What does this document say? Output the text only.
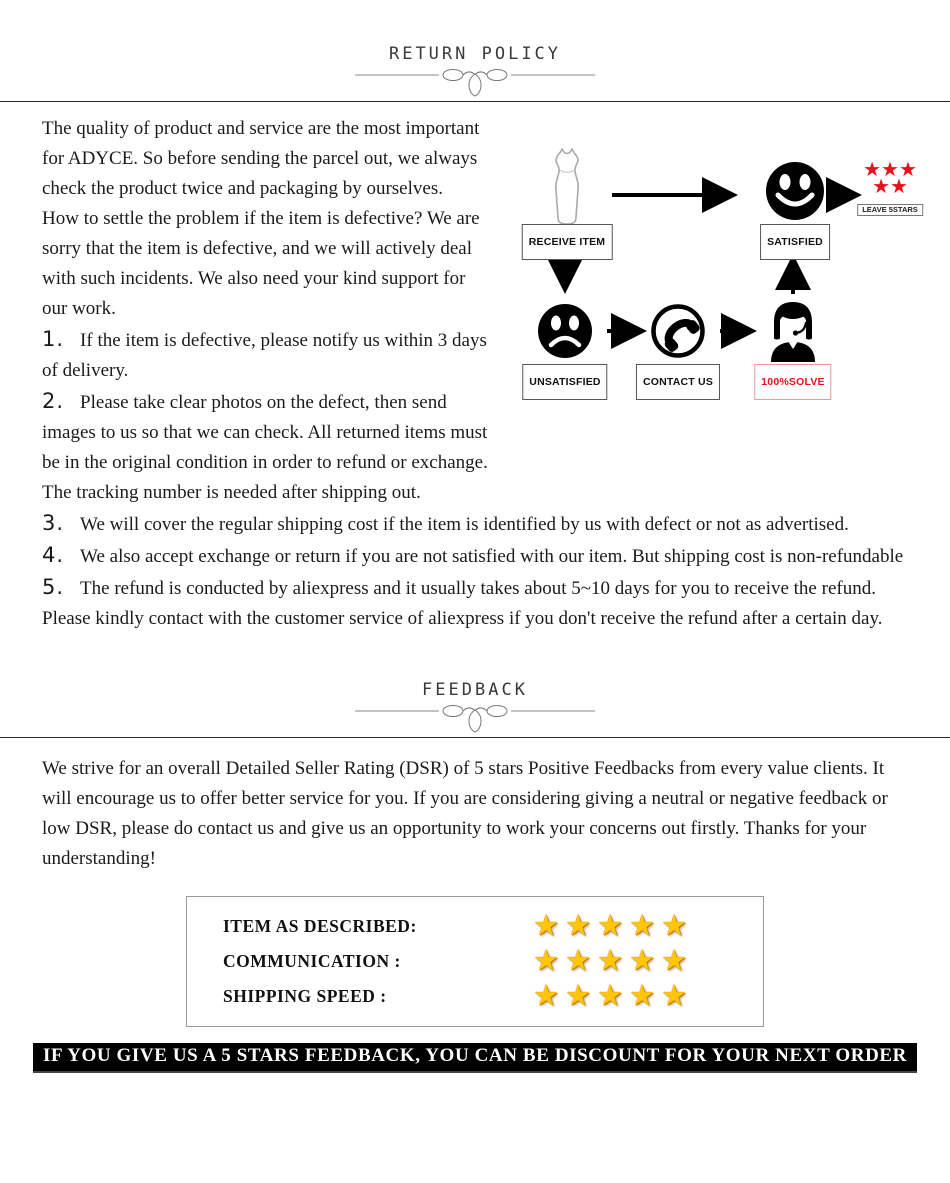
RETURN POLICY
★★★
★★
LEAVE 5STARS
RECEIVE ITEM	SATISFIED
UNSATISFIED	CONTACT US	100%SOLVE

The quality of product and service are the most important for ADYCE. So before sending the parcel out, we always check the product twice and packaging by ourselves.

How to settle the problem if the item is defective? We are sorry that the item is defective, and we will actively deal with such incidents. We also need your kind support for our work.

1. If the item is defective, please notify us within 3 days of delivery.

2. Please take clear photos on the defect, then send images to us so that we can check. All returned items must be in the original condition in order to refund or exchange. The tracking number is needed after shipping out.

3. We will cover the regular shipping cost if the item is identified by us with defect or not as advertised.

4. We also accept exchange or return if you are not satisfied with our item. But shipping cost is non-refundable

5. The refund is conducted by aliexpress and it usually takes about 5~10 days for you to receive the refund. Please kindly contact with the customer service of aliexpress if you don't receive the refund after a certain day.

FEEDBACK

We strive for an overall Detailed Seller Rating (DSR) of 5 stars Positive Feedbacks from every value clients. It will encourage us to offer better service for you. If you are considering giving a neutral or negative feedback or low DSR, please do contact us and give us an opportunity to work your concerns out firstly. Thanks for your understanding!

ITEM AS DESCRIBED:	★★★★★
COMMUNICATION :	★★★★★
SHIPPING SPEED :	★★★★★
IF YOU GIVE US A 5 STARS FEEDBACK, YOU CAN BE DISCOUNT FOR YOUR NEXT ORDER
